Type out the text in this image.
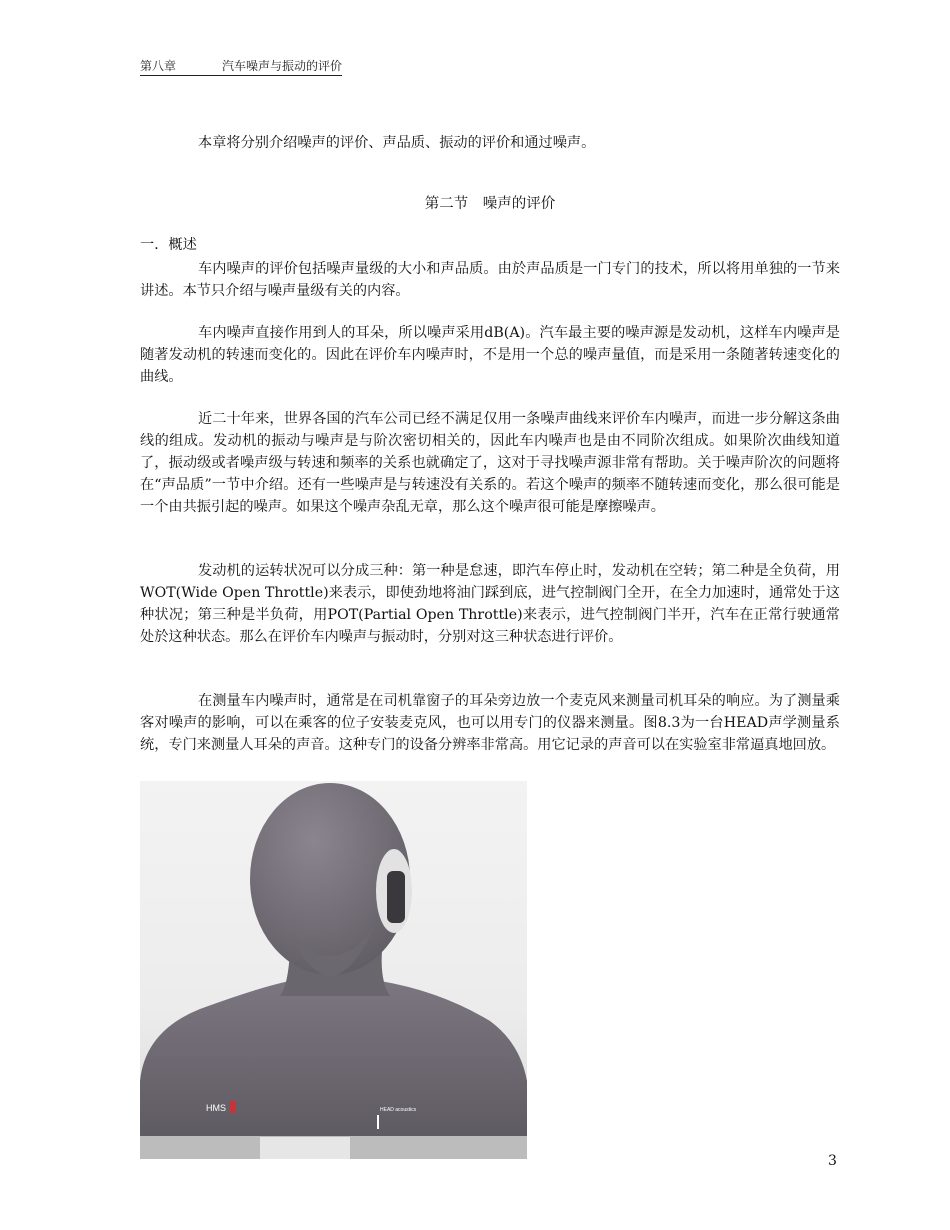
第八章	汽车噪声与振动的评价

本章将分别介绍噪声的评价、声品质、振动的评价和通过噪声。

第二节　噪声的评价

一．概述

车内噪声的评价包括噪声量级的大小和声品质。由於声品质是一门专门的技术，所以将用单独的一节来讲述。本节只介绍与噪声量级有关的内容。

车内噪声直接作用到人的耳朵，所以噪声采用dB(A)。汽车最主要的噪声源是发动机，这样车内噪声是随著发动机的转速而变化的。因此在评价车内噪声时，不是用一个总的噪声量值，而是采用一条随著转速变化的曲线。

近二十年来，世界各国的汽车公司已经不满足仅用一条噪声曲线来评价车内噪声，而进一步分解这条曲线的组成。发动机的振动与噪声是与阶次密切相关的，因此车内噪声也是由不同阶次组成。如果阶次曲线知道了，振动级或者噪声级与转速和频率的关系也就确定了，这对于寻找噪声源非常有帮助。关于噪声阶次的问题将在“声品质”一节中介绍。还有一些噪声是与转速没有关系的。若这个噪声的频率不随转速而变化，那么很可能是一个由共振引起的噪声。如果这个噪声杂乱无章，那么这个噪声很可能是摩擦噪声。

发动机的运转状况可以分成三种：第一种是怠速，即汽车停止时，发动机在空转；第二种是全负荷，用WOT(Wide Open Throttle)来表示，即使劲地将油门踩到底，进气控制阀门全开，在全力加速时，通常处于这种状况；第三种是半负荷，用POT(Partial Open Throttle)来表示，进气控制阀门半开，汽车在正常行驶通常处於这种状态。那么在评价车内噪声与振动时，分别对这三种状态进行评价。

在测量车内噪声时，通常是在司机靠窗子的耳朵旁边放一个麦克风来测量司机耳朵的响应。为了测量乘客对噪声的影响，可以在乘客的位子安装麦克风，也可以用专门的仪器来测量。图8.3为一台HEAD声学测量系统，专门来测量人耳朵的声音。这种专门的设备分辨率非常高。用它记录的声音可以在实验室非常逼真地回放。

HMS	HEAD acoustics
3
